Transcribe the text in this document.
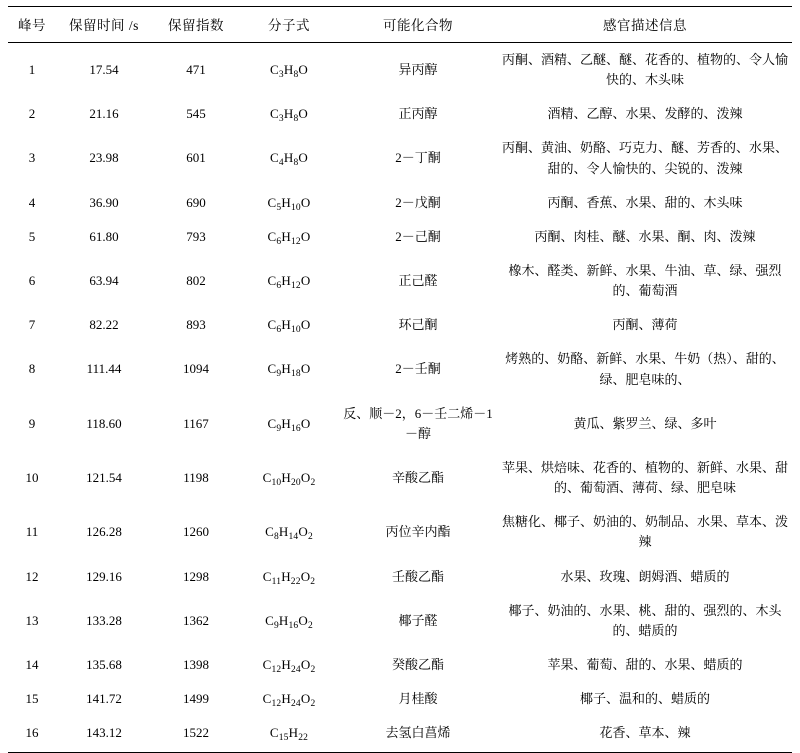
峰号	保留时间 /s	保留指数	分子式	可能化合物	感官描述信息
1	17.54	471	$C_3H_8O$	异丙醇	丙酮、酒精、乙醚、醚、花香的、植物的、令人愉快的、木头味
2	21.16	545	$C_3H_8O$	正丙醇	酒精、乙醇、水果、发酵的、泼辣
3	23.98	601	$C_4H_8O$	2－丁酮	丙酮、黄油、奶酪、巧克力、醚、芳香的、水果、甜的、令人愉快的、尖锐的、泼辣
4	36.90	690	$C_5H_{10}O$	2－戊酮	丙酮、香蕉、水果、甜的、木头味
5	61.80	793	$C_6H_{12}O$	2－己酮	丙酮、肉桂、醚、水果、酮、肉、泼辣
6	63.94	802	$C_6H_{12}O$	正己醛	橡木、醛类、新鲜、水果、牛油、草、绿、强烈的、葡萄酒
7	82.22	893	$C_6H_{10}O$	环己酮	丙酮、薄荷
8	111.44	1094	$C_9H_{18}O$	2－壬酮	烤熟的、奶酪、新鲜、水果、牛奶（热）、甜的、绿、肥皂味的、
9	118.60	1167	$C_9H_{16}O$	反、顺－2，6－壬二烯－1－醇	黄瓜、紫罗兰、绿、多叶
10	121.54	1198	$C_{10}H_{20}O_2$	辛酸乙酯	苹果、烘焙味、花香的、植物的、新鲜、水果、甜的、葡萄酒、薄荷、绿、肥皂味
11	126.28	1260	$C_8H_{14}O_2$	丙位辛内酯	焦糖化、椰子、奶油的、奶制品、水果、草本、泼辣
12	129.16	1298	$C_{11}H_{22}O_2$	壬酸乙酯	水果、玫瑰、朗姆酒、蜡质的
13	133.28	1362	$C_9H_{16}O_2$	椰子醛	椰子、奶油的、水果、桃、甜的、强烈的、木头的、蜡质的
14	135.68	1398	$C_{12}H_{24}O_2$	癸酸乙酯	苹果、葡萄、甜的、水果、蜡质的
15	141.72	1499	$C_{12}H_{24}O_2$	月桂酸	椰子、温和的、蜡质的
16	143.12	1522	$C_{15}H_{22}$	去氢白菖烯	花香、草本、辣
